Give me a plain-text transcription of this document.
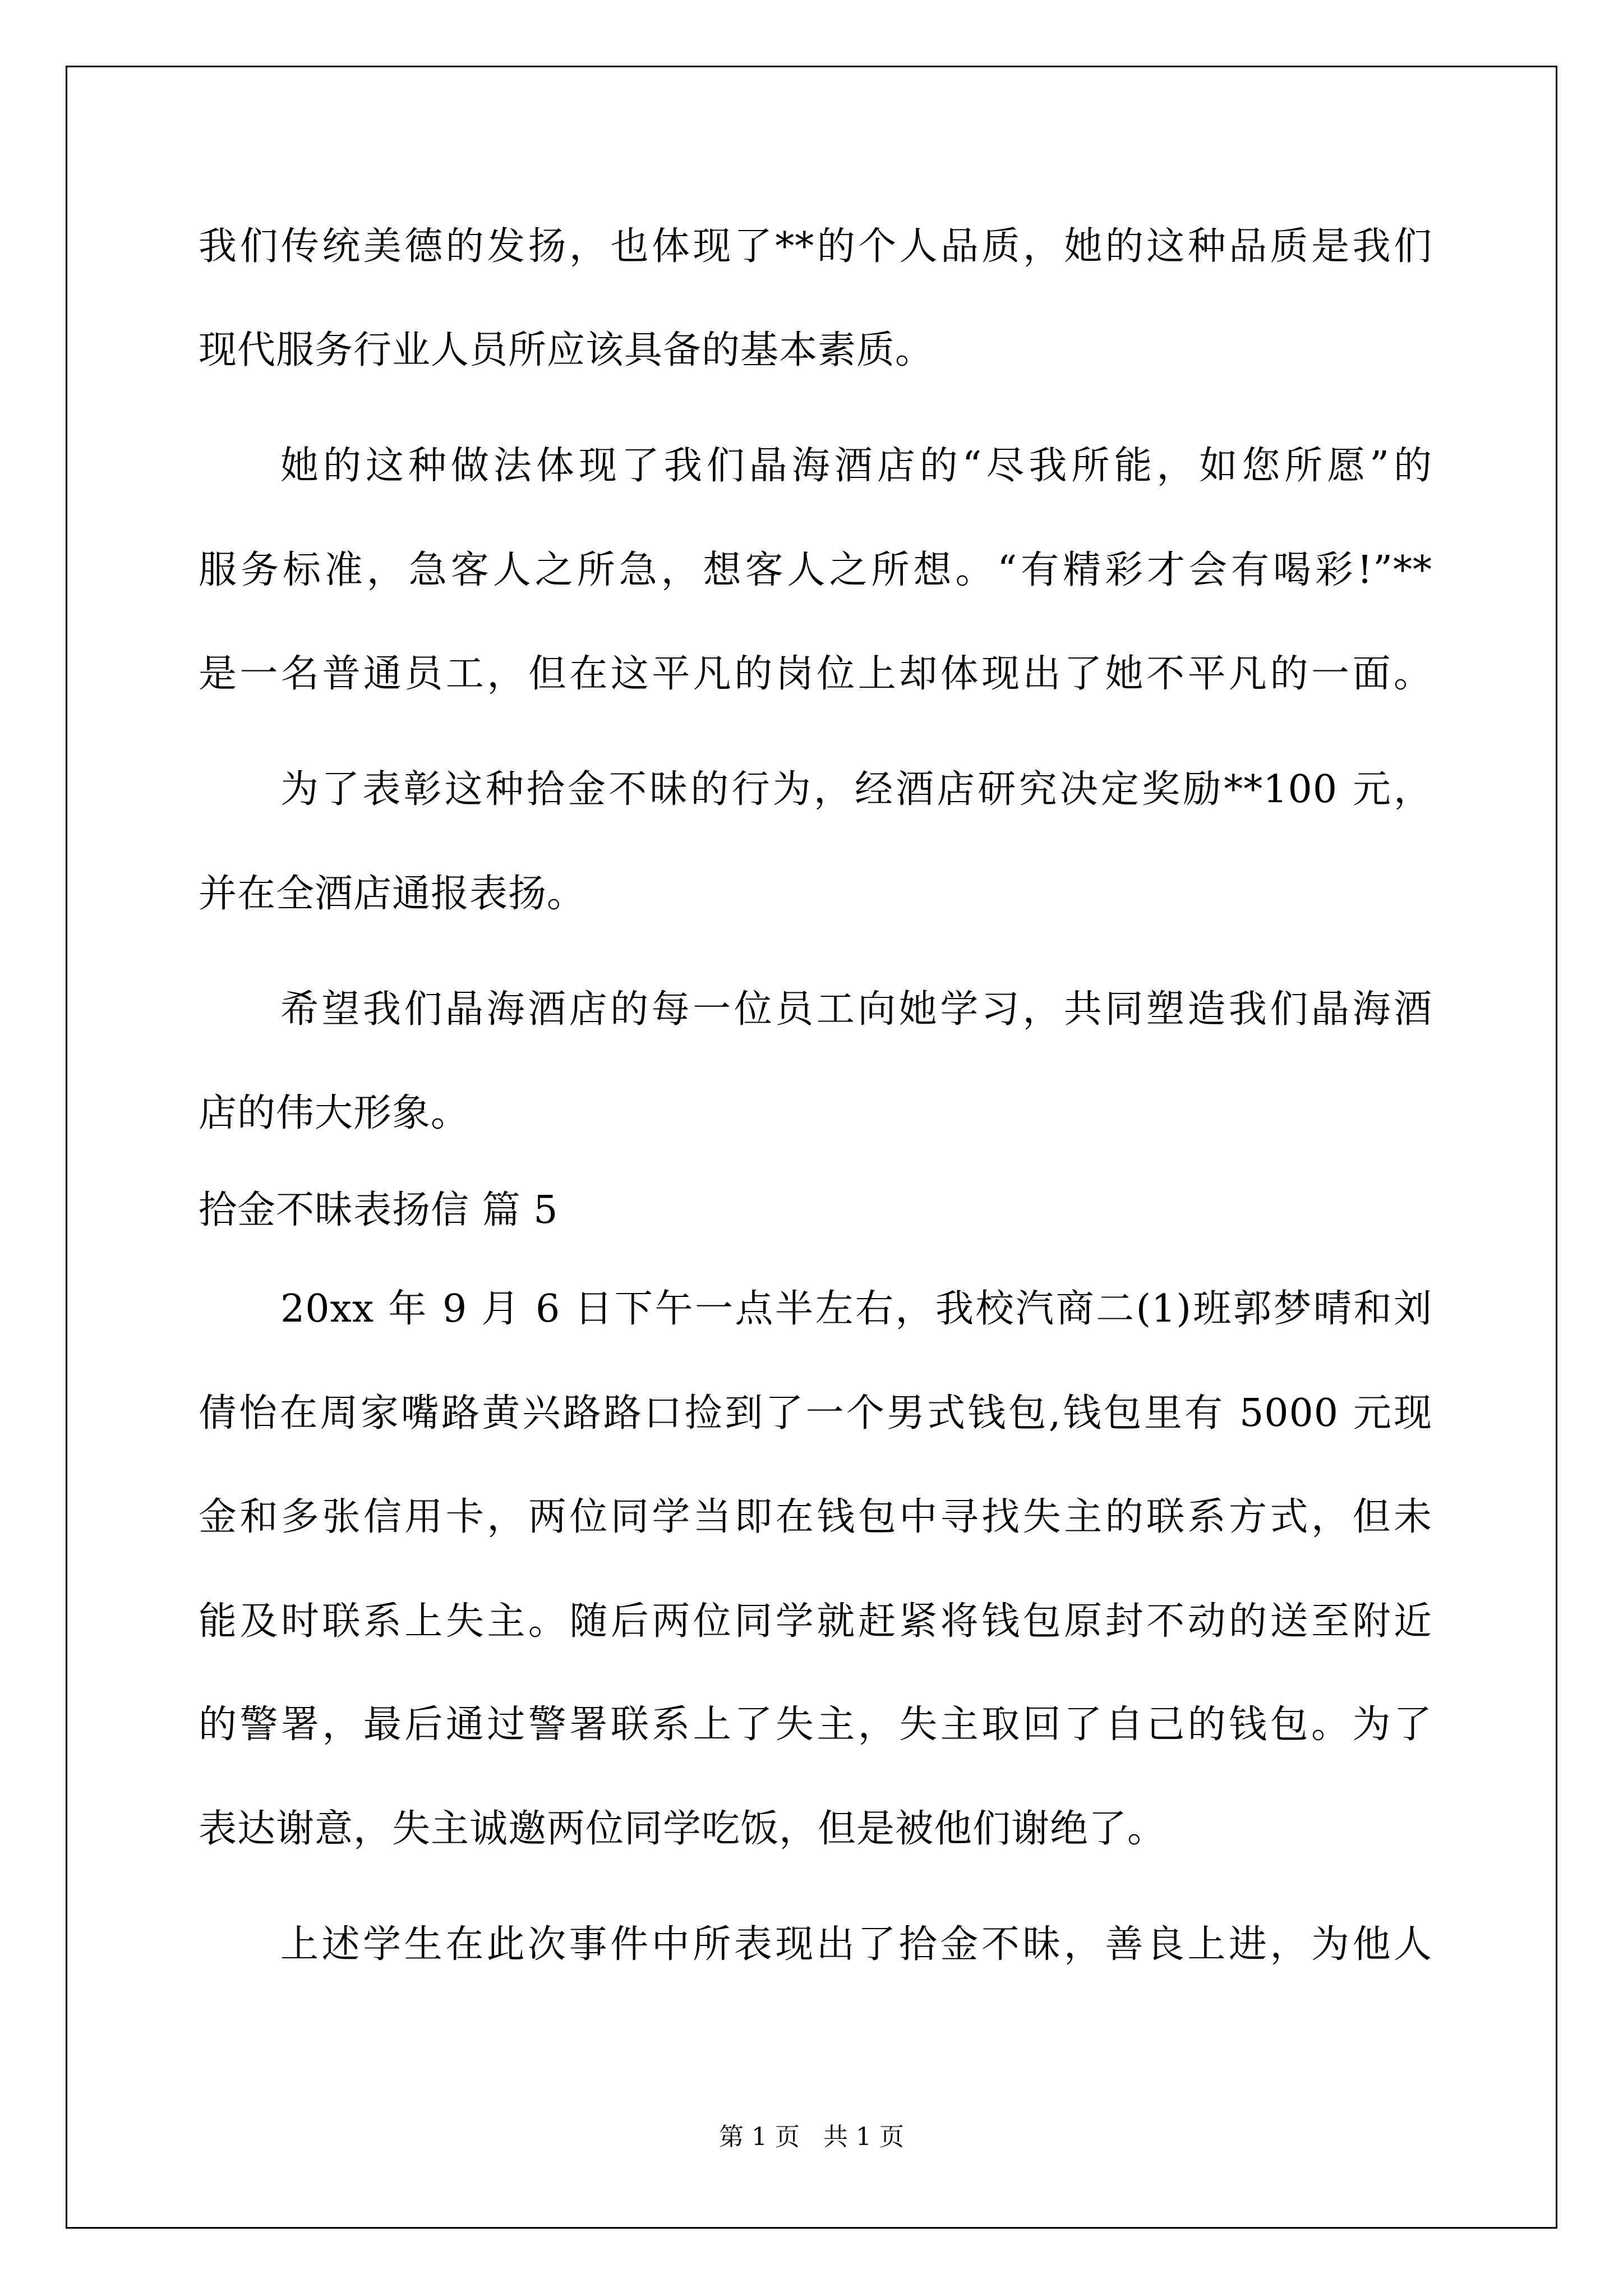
我们传统美德的发扬，也体现了**的个人品质，她的这种品质是我们
现代服务行业人员所应该具备的基本素质。
她的这种做法体现了我们晶海酒店的“尽我所能，如您所愿”的
服务标准，急客人之所急，想客人之所想。“有精彩才会有喝彩!”**
是一名普通员工，但在这平凡的岗位上却体现出了她不平凡的一面。
为了表彰这种拾金不昧的行为，经酒店研究决定奖励**100 元，
并在全酒店通报表扬。
希望我们晶海酒店的每一位员工向她学习，共同塑造我们晶海酒
店的伟大形象。
拾金不昧表扬信 篇 5
20xx 年 9 月 6 日下午一点半左右，我校汽商二(1)班郭梦晴和刘
倩怡在周家嘴路黄兴路路口捡到了一个男式钱包,钱包里有 5000 元现
金和多张信用卡，两位同学当即在钱包中寻找失主的联系方式，但未
能及时联系上失主。随后两位同学就赶紧将钱包原封不动的送至附近
的警署，最后通过警署联系上了失主，失主取回了自己的钱包。为了
表达谢意，失主诚邀两位同学吃饭，但是被他们谢绝了。
上述学生在此次事件中所表现出了拾金不昧，善良上进，为他人
第 1 页   共 1 页
